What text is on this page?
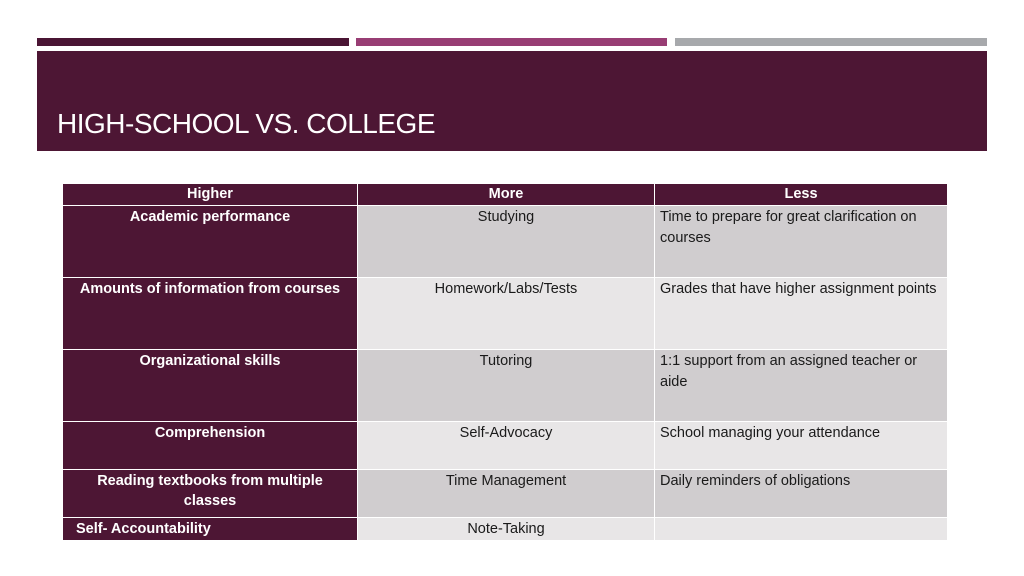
HIGH-SCHOOL VS. COLLEGE
Higher	More	Less
Academic performance	Studying	Time to prepare for great clarification on courses
Amounts of information from courses	Homework/Labs/Tests	Grades that have higher assignment points
Organizational skills	Tutoring	1:1 support from an assigned teacher or aide
Comprehension	Self-Advocacy	School managing your attendance
Reading textbooks from multiple classes	Time Management	Daily reminders of obligations
Self- Accountability	Note-Taking	
